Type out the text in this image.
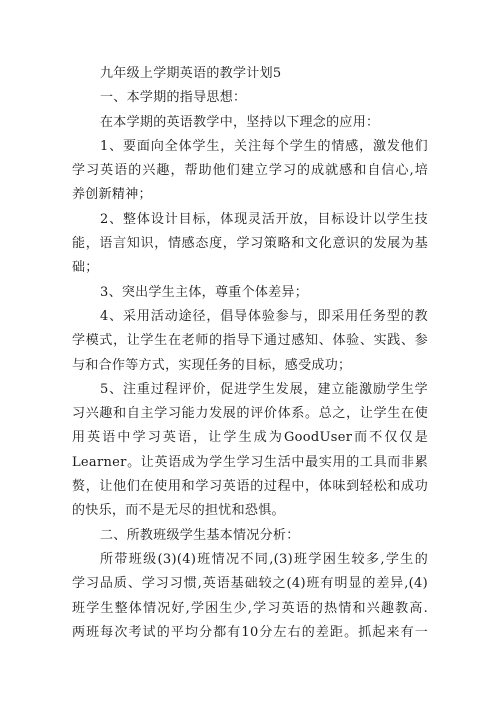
九年级上学期英语的教学计划5
一、本学期的指导思想：
在本学期的英语教学中，坚持以下理念的应用：
1、要面向全体学生，关注每个学生的情感，激发他们
学习英语的兴趣，帮助他们建立学习的成就感和自信心,培
养创新精神；
2、整体设计目标，体现灵活开放，目标设计以学生技
能，语言知识，情感态度，学习策略和文化意识的发展为基
础；
3、突出学生主体，尊重个体差异；
4、采用活动途径，倡导体验参与，即采用任务型的教
学模式，让学生在老师的指导下通过感知、体验、实践、参
与和合作等方式，实现任务的目标，感受成功；
5、注重过程评价，促进学生发展，建立能激励学生学
习兴趣和自主学习能力发展的评价体系。总之，让学生在使
用英语中学习英语，让学生成为GoodUser而不仅仅是
Learner。让英语成为学生学习生活中最实用的工具而非累
赘，让他们在使用和学习英语的过程中，体味到轻松和成功
的快乐，而不是无尽的担忧和恐惧。
二、所教班级学生基本情况分析：
所带班级(3)(4)班情况不同,(3)班学困生较多,学生的
学习品质、学习习惯,英语基础较之(4)班有明显的差异,(4)
班学生整体情况好,学困生少,学习英语的热情和兴趣教高.
两班每次考试的平均分都有10分左右的差距。抓起来有一
